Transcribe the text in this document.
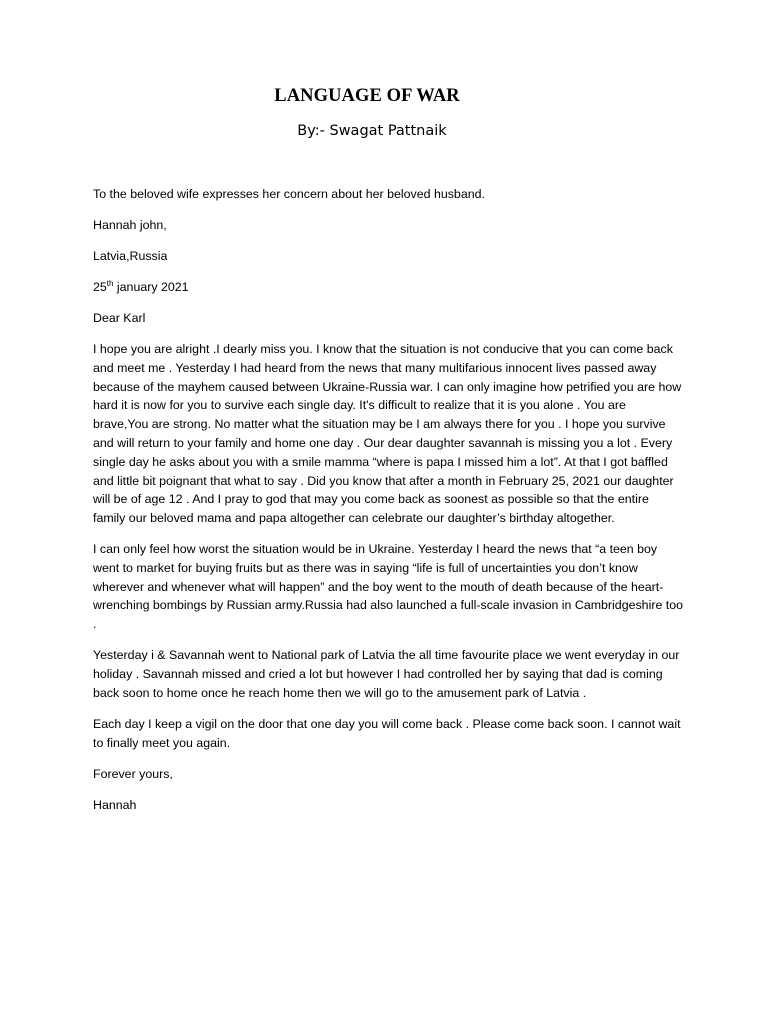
LANGUAGE OF WAR
By:- Swagat Pattnaik

To the beloved wife expresses her concern about her beloved husband.

Hannah john,

Latvia,Russia

25th january 2021

Dear Karl

I hope you are alright .I dearly miss you. I know that the situation is not conducive that you can come back and meet me . Yesterday I had heard from the news that many multifarious innocent lives passed away because of the mayhem caused between Ukraine-Russia war. I can only imagine how petrified you are how hard it is now for you to survive each single day. It's difficult to realize that it is you alone . You are brave,You are strong. No matter what the situation may be I am always there for you . I hope you survive and will return to your family and home one day . Our dear daughter savannah is missing you a lot . Every single day he asks about you with a smile mamma “where is papa I missed him a lot”. At that I got baffled and little bit poignant that what to say . Did you know that after a month in February 25, 2021 our daughter will be of age 12 . And I pray to god that may you come back as soonest as possible so that the entire family our beloved mama and papa altogether can celebrate our daughter’s birthday altogether.

I can only feel how worst the situation would be in Ukraine. Yesterday I heard the news that “a teen boy went to market for buying fruits but as there was in saying “life is full of uncertainties you don’t know wherever and whenever what will happen” and the boy went to the mouth of death because of the heart-wrenching bombings by Russian army.Russia had also launched a full-scale invasion in Cambridgeshire too .

Yesterday i & Savannah went to National park of Latvia the all time favourite place we went everyday in our holiday . Savannah missed and cried a lot but however I had controlled her by saying that dad is coming back soon to home once he reach home then we will go to the amusement park of Latvia .

Each day I keep a vigil on the door that one day you will come back . Please come back soon. I cannot wait to finally meet you again.

Forever yours,

Hannah
